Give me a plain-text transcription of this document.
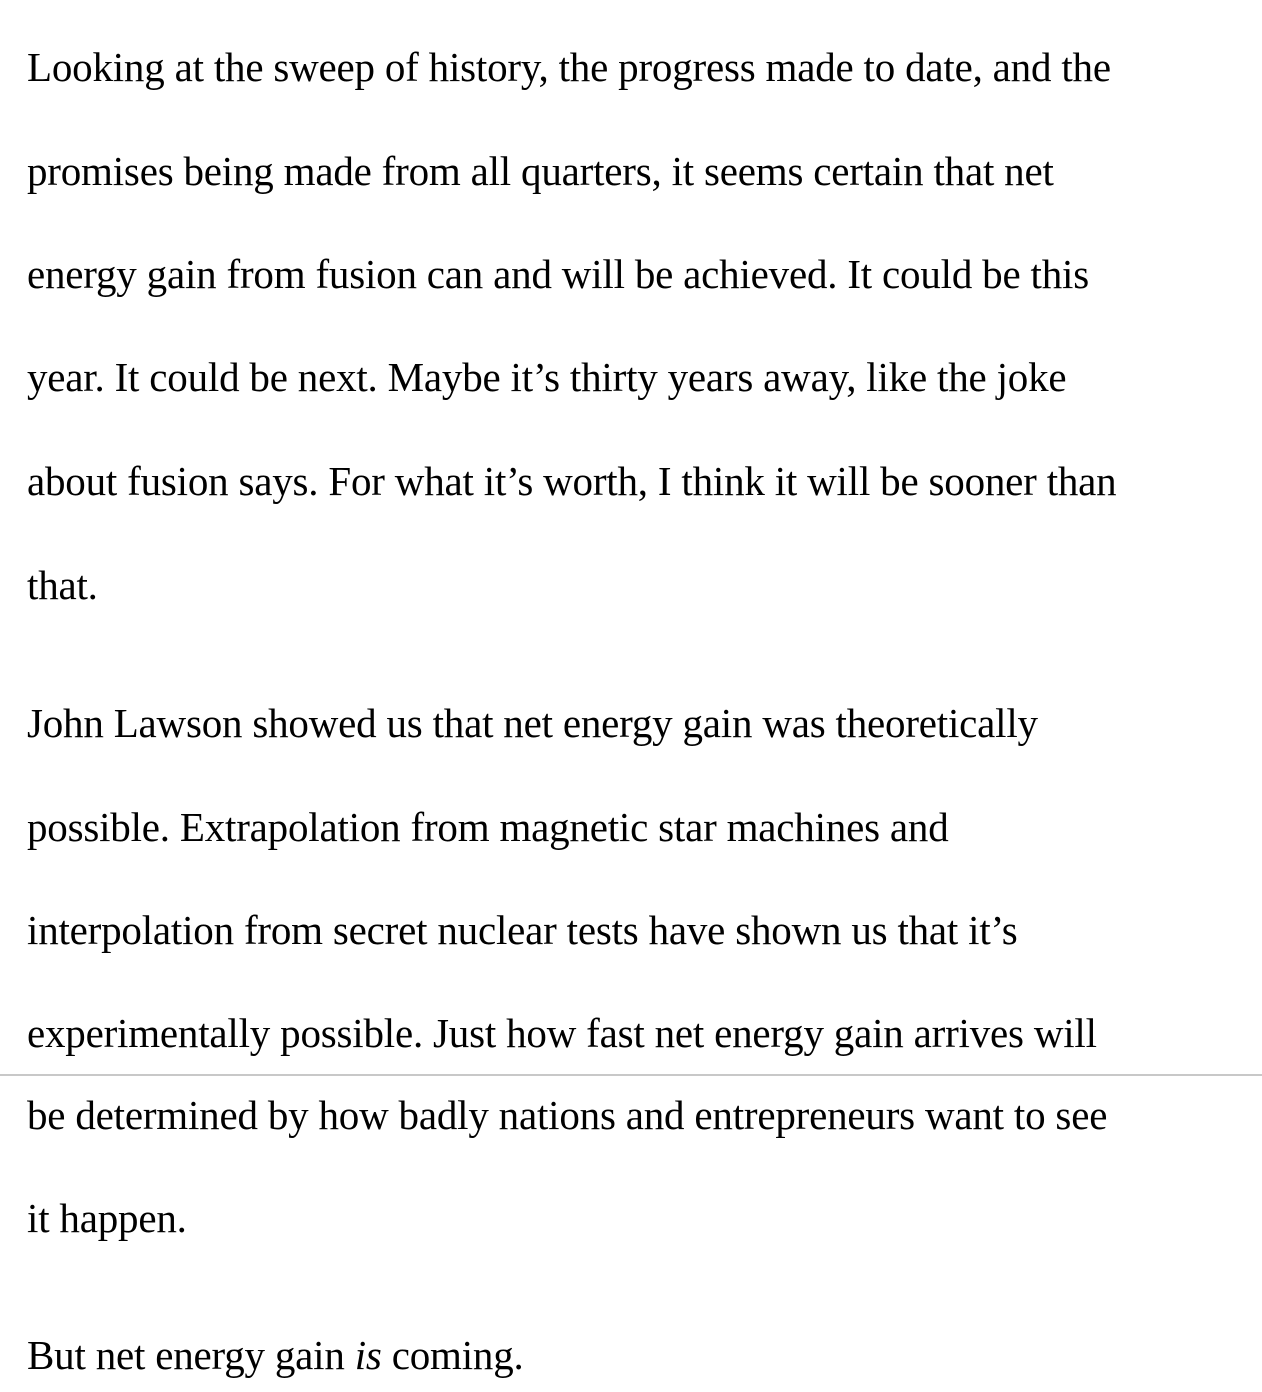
Looking at the sweep of history, the progress made to date, and the
promises being made from all quarters, it seems certain that net
energy gain from fusion can and will be achieved. It could be this
year. It could be next. Maybe it’s thirty years away, like the joke
about fusion says. For what it’s worth, I think it will be sooner than
that.
John Lawson showed us that net energy gain was theoretically
possible. Extrapolation from magnetic star machines and
interpolation from secret nuclear tests have shown us that it’s
experimentally possible. Just how fast net energy gain arrives will
be determined by how badly nations and entrepreneurs want to see
it happen.
But net energy gain is coming.
